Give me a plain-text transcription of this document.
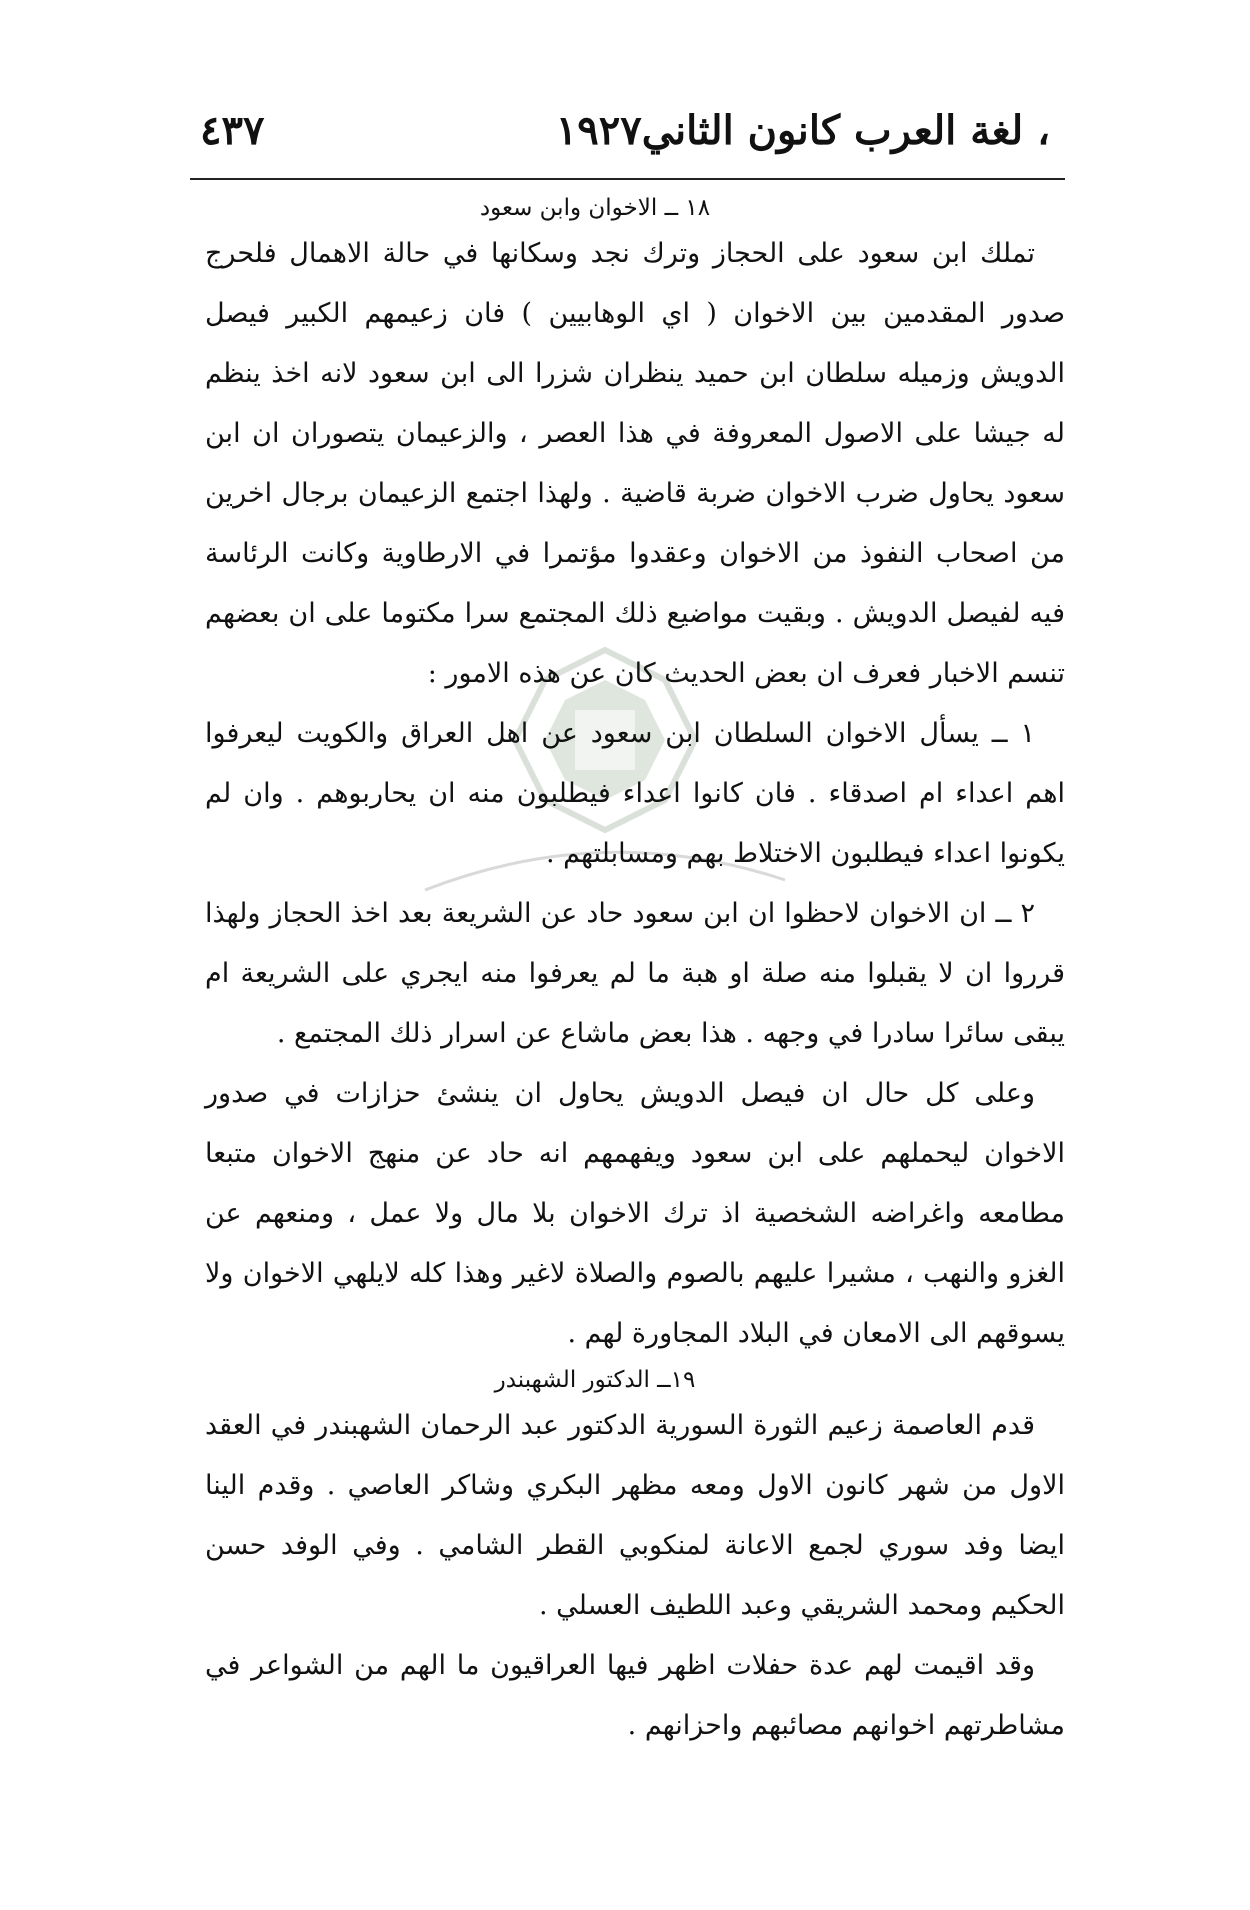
، لغة العرب كانون الثاني١٩٢٧
٤٣٧

١٨ ــ الاخوان وابن سعود

تملك ابن سعود على الحجاز وترك نجد وسكانها في حالة الاهمال فلحرج صدور المقدمين بين الاخوان ( اي الوهابيين ) فان زعيمهم الكبير فيصل الدويش وزميله سلطان ابن حميد ينظران شزرا الى ابن سعود لانه اخذ ينظم له جيشا على الاصول المعروفة في هذا العصر ، والزعيمان يتصوران ان ابن سعود يحاول ضرب الاخوان ضربة قاضية . ولهذا اجتمع الزعيمان برجال اخرين من اصحاب النفوذ من الاخوان وعقدوا مؤتمرا في الارطاوية وكانت الرئاسة فيه لفيصل الدويش . وبقيت مواضيع ذلك المجتمع سرا مكتوما على ان بعضهم تنسم الاخبار فعرف ان بعض الحديث كان عن هذه الامور :

١ ــ يسأل الاخوان السلطان ابن سعود عن اهل العراق والكويت ليعرفوا اهم اعداء ام اصدقاء . فان كانوا اعداء فيطلبون منه ان يحاربوهم . وان لم يكونوا اعداء فيطلبون الاختلاط بهم ومسابلتهم .

٢ ــ ان الاخوان لاحظوا ان ابن سعود حاد عن الشريعة بعد اخذ الحجاز ولهذا قرروا ان لا يقبلوا منه صلة او هبة ما لم يعرفوا منه ايجري على الشريعة ام يبقى سائرا سادرا في وجهه . هذا بعض ماشاع عن اسرار ذلك المجتمع .

وعلى كل حال ان فيصل الدويش يحاول ان ينشئ حزازات في صدور الاخوان ليحملهم على ابن سعود ويفهمهم انه حاد عن منهج الاخوان متبعا مطامعه واغراضه الشخصية اذ ترك الاخوان بلا مال ولا عمل ، ومنعهم عن الغزو والنهب ، مشيرا عليهم بالصوم والصلاة لاغير وهذا كله لايلهي الاخوان ولا يسوقهم الى الامعان في البلاد المجاورة لهم .

١٩ــ الدكتور الشهبندر

قدم العاصمة زعيم الثورة السورية الدكتور عبد الرحمان الشهبندر في العقد الاول من شهر كانون الاول ومعه مظهر البكري وشاكر العاصي . وقدم الينا ايضا وفد سوري لجمع الاعانة لمنكوبي القطر الشامي . وفي الوفد حسن الحكيم ومحمد الشريقي وعبد اللطيف العسلي .

وقد اقيمت لهم عدة حفلات اظهر فيها العراقيون ما الهم من الشواعر في مشاطرتهم اخوانهم مصائبهم واحزانهم .
